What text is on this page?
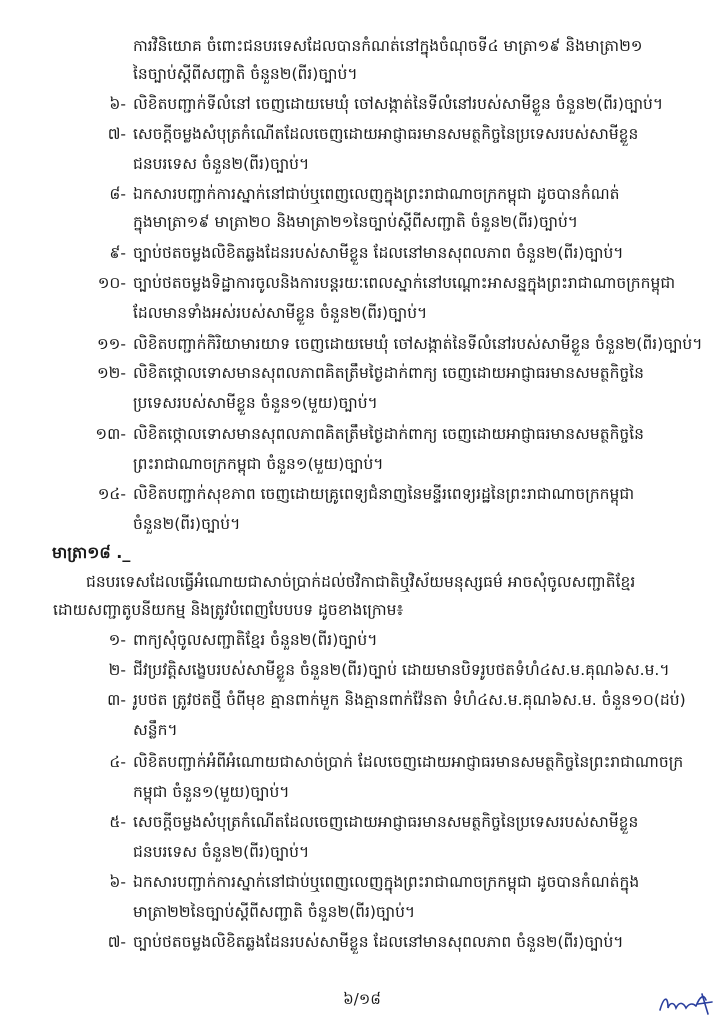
ការវិនិយោគ ចំពោះជនបរទេសដែលបានកំណត់នៅក្នុងចំណុចទី៤ មាត្រា១៩ និងមាត្រា២១
នៃច្បាប់ស្តីពីសញ្ជាតិ ចំនួន២(ពីរ)ច្បាប់។
៦- លិខិតបញ្ជាក់ទីលំនៅ ចេញដោយមេឃុំ ចៅសង្កាត់នៃទីលំនៅរបស់សាមីខ្លួន ចំនួន២(ពីរ)ច្បាប់។
៧- សេចក្តីចម្លងសំបុត្រកំណើតដែលចេញដោយអាជ្ញាធរមានសមត្ថកិច្ចនៃប្រទេសរបស់សាមីខ្លួន
ជនបរទេស ចំនួន២(ពីរ)ច្បាប់។
៨- ឯកសារបញ្ជាក់ការស្នាក់នៅជាប់ឬពេញលេញក្នុងព្រះរាជាណាចក្រកម្ពុជា ដូចបានកំណត់
ក្នុងមាត្រា១៩ មាត្រា២០ និងមាត្រា២១នៃច្បាប់ស្តីពីសញ្ជាតិ ចំនួន២(ពីរ)ច្បាប់។
៩- ច្បាប់ថតចម្លងលិខិតឆ្លងដែនរបស់សាមីខ្លួន ដែលនៅមានសុពលភាព ចំនួន២(ពីរ)ច្បាប់។
១០- ច្បាប់ថតចម្លងទិដ្ឋាការចូលនិងការបន្តរយៈពេលស្នាក់នៅបណ្តោះអាសន្នក្នុងព្រះរាជាណាចក្រកម្ពុជា
ដែលមានទាំងអស់របស់សាមីខ្លួន ចំនួន២(ពីរ)ច្បាប់។
១១- លិខិតបញ្ជាក់កិរិយាមារយាទ ចេញដោយមេឃុំ ចៅសង្កាត់នៃទីលំនៅរបស់សាមីខ្លួន ចំនួន២(ពីរ)ច្បាប់។
១២- លិខិតថ្កោលទោសមានសុពលភាពគិតត្រឹមថ្ងៃដាក់ពាក្យ ចេញដោយអាជ្ញាធរមានសមត្ថកិច្ចនៃ
ប្រទេសរបស់សាមីខ្លួន ចំនួន១(មួយ)ច្បាប់។
១៣- លិខិតថ្កោលទោសមានសុពលភាពគិតត្រឹមថ្ងៃដាក់ពាក្យ ចេញដោយអាជ្ញាធរមានសមត្ថកិច្ចនៃ
ព្រះរាជាណាចក្រកម្ពុជា ចំនួន១(មួយ)ច្បាប់។
១៤- លិខិតបញ្ជាក់សុខភាព ចេញដោយគ្រូពេទ្យជំនាញនៃមន្ទីរពេទ្យរដ្ឋនៃព្រះរាជាណាចក្រកម្ពុជា
ចំនួន២(ពីរ)ច្បាប់។
មាត្រា១៨ ._
ជនបរទេសដែលធ្វើអំណោយជាសាច់ប្រាក់ដល់ថវិកាជាតិឬវិស័យមនុស្សធម៌ អាចសុំចូលសញ្ជាតិខ្មែរ
ដោយសញ្ជាតូបនីយកម្ម និងត្រូវបំពេញបែបបទ ដូចខាងក្រោម៖
១- ពាក្យសុំចូលសញ្ជាតិខ្មែរ ចំនួន២(ពីរ)ច្បាប់។
២- ជីវប្រវត្តិសង្ខេបរបស់សាមីខ្លួន ចំនួន២(ពីរ)ច្បាប់ ដោយមានបិទរូបថតទំហំ៤ស.ម.គុណ៦ស.ម.។
៣- រូបថត ត្រូវថតថ្មី ចំពីមុខ គ្មានពាក់មួក និងគ្មានពាក់វ៉ែនតា ទំហំ៤ស.ម.គុណ៦ស.ម. ចំនួន១០(ដប់)
សន្លឹក។
៤- លិខិតបញ្ជាក់អំពីអំណោយជាសាច់ប្រាក់ ដែលចេញដោយអាជ្ញាធរមានសមត្ថកិច្ចនៃព្រះរាជាណាចក្រ
កម្ពុជា ចំនួន១(មួយ)ច្បាប់។
៥- សេចក្តីចម្លងសំបុត្រកំណើតដែលចេញដោយអាជ្ញាធរមានសមត្ថកិច្ចនៃប្រទេសរបស់សាមីខ្លួន
ជនបរទេស ចំនួន២(ពីរ)ច្បាប់។
៦- ឯកសារបញ្ជាក់ការស្នាក់នៅជាប់ឬពេញលេញក្នុងព្រះរាជាណាចក្រកម្ពុជា ដូចបានកំណត់ក្នុង
មាត្រា២២នៃច្បាប់ស្តីពីសញ្ជាតិ ចំនួន២(ពីរ)ច្បាប់។
៧- ច្បាប់ថតចម្លងលិខិតឆ្លងដែនរបស់សាមីខ្លួន ដែលនៅមានសុពលភាព ចំនួន២(ពីរ)ច្បាប់។
៦/១៨
